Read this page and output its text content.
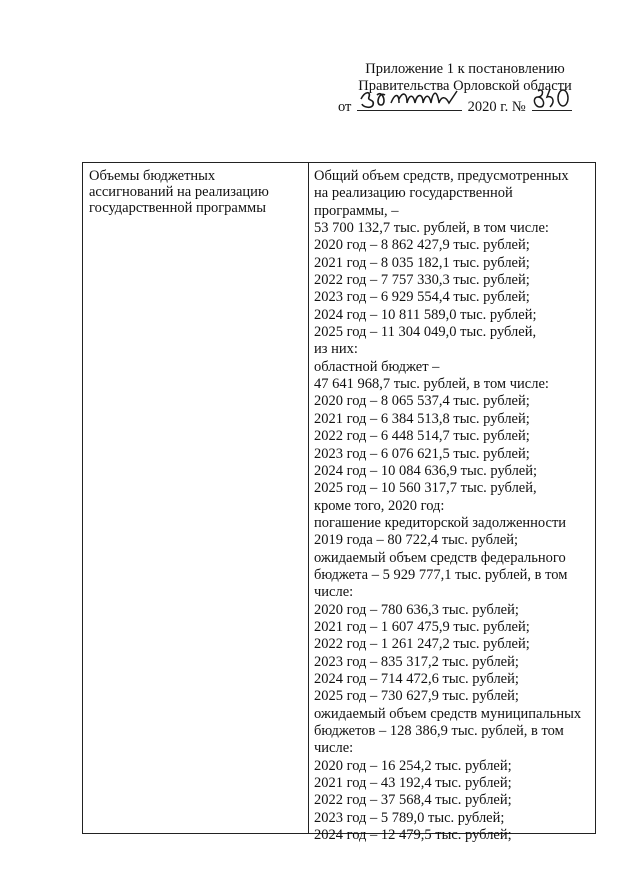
Приложение 1 к постановлению
Правительства Орловской области
от	2020 г. №
Объемы бюджетных
ассигнований на реализацию
государственной программы
Общий объем средств, предусмотренных
на реализацию государственной
программы, –
53 700 132,7 тыс. рублей, в том числе:
2020 год – 8 862 427,9 тыс. рублей;
2021 год – 8 035 182,1 тыс. рублей;
2022 год – 7 757 330,3 тыс. рублей;
2023 год – 6 929 554,4 тыс. рублей;
2024 год – 10 811 589,0 тыс. рублей;
2025 год – 11 304 049,0 тыс. рублей,
из них:
областной бюджет –
47 641 968,7 тыс. рублей, в том числе:
2020 год – 8 065 537,4 тыс. рублей;
2021 год – 6 384 513,8 тыс. рублей;
2022 год – 6 448 514,7 тыс. рублей;
2023 год – 6 076 621,5 тыс. рублей;
2024 год – 10 084 636,9 тыс. рублей;
2025 год – 10 560 317,7 тыс. рублей,
кроме того, 2020 год:
погашение кредиторской задолженности
2019 года – 80 722,4 тыс. рублей;
ожидаемый объем средств федерального
бюджета – 5 929 777,1 тыс. рублей, в том
числе:
2020 год – 780 636,3 тыс. рублей;
2021 год – 1 607 475,9 тыс. рублей;
2022 год – 1 261 247,2 тыс. рублей;
2023 год – 835 317,2 тыс. рублей;
2024 год – 714 472,6 тыс. рублей;
2025 год – 730 627,9 тыс. рублей;
ожидаемый объем средств муниципальных
бюджетов – 128 386,9 тыс. рублей, в том
числе:
2020 год – 16 254,2 тыс. рублей;
2021 год – 43 192,4 тыс. рублей;
2022 год – 37 568,4 тыс. рублей;
2023 год – 5 789,0 тыс. рублей;
2024 год – 12 479,5 тыс. рублей;
